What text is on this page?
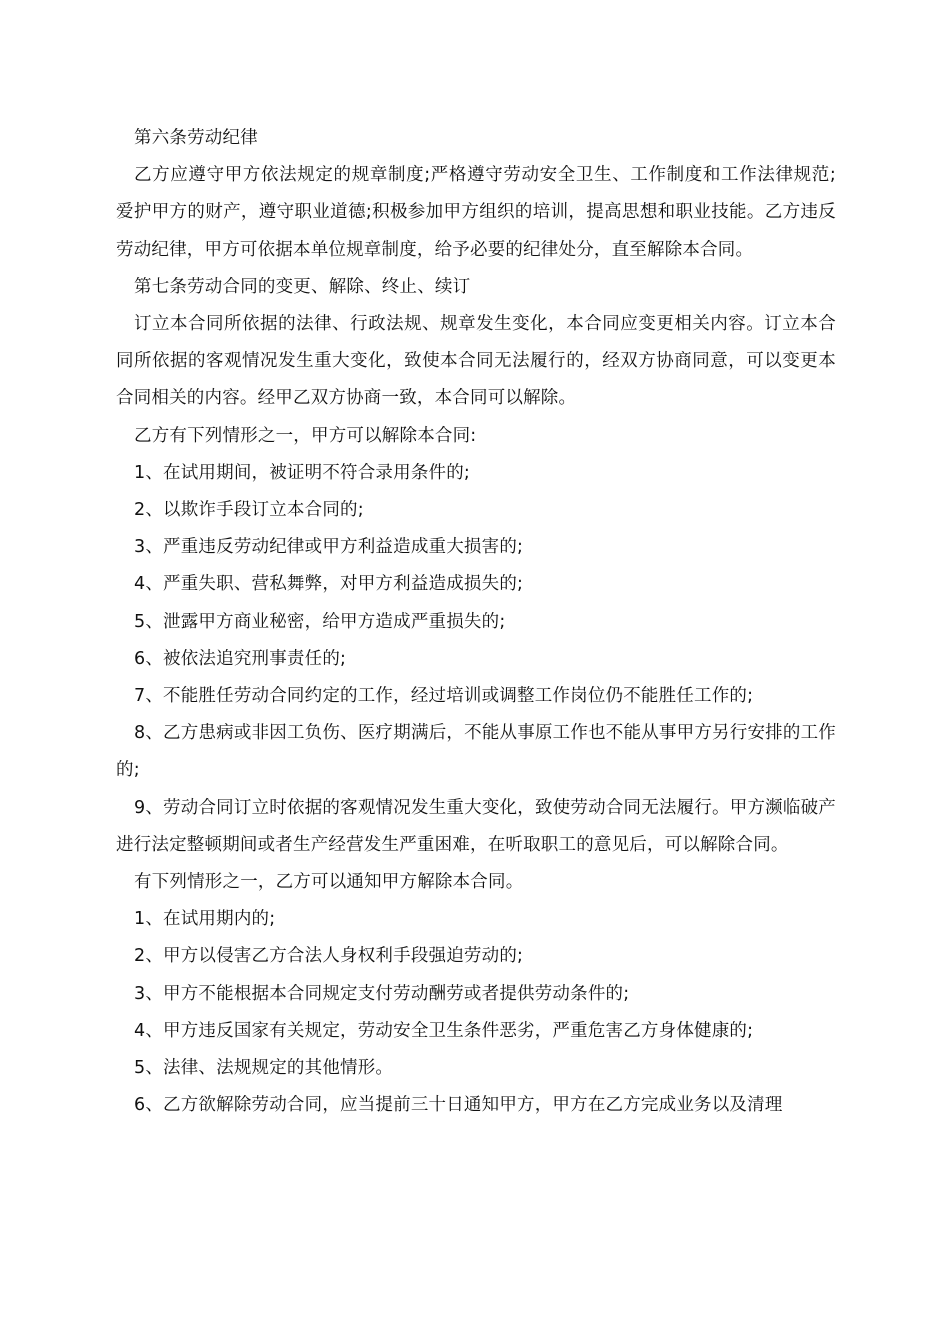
第六条劳动纪律

乙方应遵守甲方依法规定的规章制度;严格遵守劳动安全卫生、工作制度和工作法律规范;爱护甲方的财产，遵守职业道德;积极参加甲方组织的培训，提高思想和职业技能。乙方违反劳动纪律，甲方可依据本单位规章制度，给予必要的纪律处分，直至解除本合同。

第七条劳动合同的变更、解除、终止、续订

订立本合同所依据的法律、行政法规、规章发生变化，本合同应变更相关内容。订立本合同所依据的客观情况发生重大变化，致使本合同无法履行的，经双方协商同意，可以变更本合同相关的内容。经甲乙双方协商一致，本合同可以解除。

乙方有下列情形之一，甲方可以解除本合同:

1、在试用期间，被证明不符合录用条件的;

2、以欺诈手段订立本合同的;

3、严重违反劳动纪律或甲方利益造成重大损害的;

4、严重失职、营私舞弊，对甲方利益造成损失的;

5、泄露甲方商业秘密，给甲方造成严重损失的;

6、被依法追究刑事责任的;

7、不能胜任劳动合同约定的工作，经过培训或调整工作岗位仍不能胜任工作的;

8、乙方患病或非因工负伤、医疗期满后，不能从事原工作也不能从事甲方另行安排的工作的;

9、劳动合同订立时依据的客观情况发生重大变化，致使劳动合同无法履行。甲方濒临破产进行法定整顿期间或者生产经营发生严重困难，在听取职工的意见后，可以解除合同。

有下列情形之一，乙方可以通知甲方解除本合同。

1、在试用期内的;

2、甲方以侵害乙方合法人身权利手段强迫劳动的;

3、甲方不能根据本合同规定支付劳动酬劳或者提供劳动条件的;

4、甲方违反国家有关规定，劳动安全卫生条件恶劣，严重危害乙方身体健康的;

5、法律、法规规定的其他情形。

6、乙方欲解除劳动合同，应当提前三十日通知甲方，甲方在乙方完成业务以及清理
